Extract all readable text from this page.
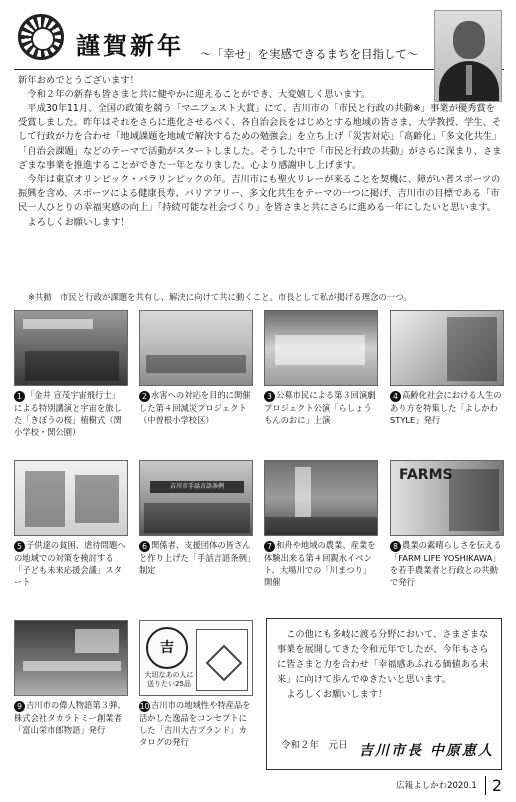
謹賀新年 〜「幸せ」を実感できるまちを目指して〜

新年おめでとうございます！

令和２年の新春も皆さまと共に健やかに迎えることができ、大変嬉しく思います。

平成30年11月、全国の政策を競う「マニフェスト大賞」にて、吉川市の「市民と行政の共動※」事業が優秀賞を受賞しました。昨年はそれをさらに進化させるべく、各自治会長をはじめとする地域の皆さま、大学教授、学生、そして行政が力を合わせ「地域課題を地域で解決するための勉強会」を立ち上げ「災害対応」「高齢化」「多文化共生」「自治会課題」などのテーマで活動がスタートしました。そうした中で「市民と行政の共動」がさらに深まり、さまざまな事業を推進することができた一年となりました。心より感謝申し上げます。

今年は東京オリンピック・パラリンピックの年。吉川市にも聖火リレーが来ることを契機に、障がい者スポーツの振興を含め、スポーツによる健康長寿、バリアフリー、多文化共生をテーマの一つに掲げ、吉川市の目標である「市民一人ひとりの幸福実感の向上」「持続可能な社会づくり」を皆さまと共にさらに進める一年にしたいと思います。

よろしくお願いします！

※共動　市民と行政が課題を共有し、解決に向けて共に動くこと。市長として私が掲げる理念の一つ。
1 「金井 宣茂宇宙飛行士」による特別講演と宇宙を旅した「きぼうの桜」植樹式（関小学校・関公園）
2 水害への対応を目的に開催した第４回減災プロジェクト（中曽根小学校区）
3 公募市民による第３回演劇プロジェクト公演「らしょうもんのおに」上演
4 高齢化社会における人生のあり方を特集した「よしかわSTYLE」発行
5 子供達の貧困、虐待問題への地域での対策を検討する「子ども未来応援会議」スタート
吉川市手話言語条例
6 関係者、支援団体の皆さんと作り上げた「手話言語条例」制定
7 和舟や地域の農業、産業を体験出来る第４回親水イベント、大場川での「川まつり」開催
FARMS
8 農業の素晴らしさを伝える「FARM LIFE YOSHIKAWA」を若手農業者と行政との共動で発行
9 吉川市の偉人物語第３弾、株式会社タカラトミー創業者「富山栄市郎物語」発行
吉
大切なあの人に送りたい25品
10 吉川市の地域性や特産品を活かした逸品をコンセプトにした「吉川大吉ブランド」カタログの発行

この他にも多岐に渡る分野において、さまざまな事業を展開してきた令和元年でしたが、今年もさらに皆さまと力を合わせ「幸福感あふれる価値ある未来」に向けて歩んでゆきたいと思います。

よろしくお願いします！

令和２年　元日 吉川市長 中原恵人
広報よしかわ2020.1 2
